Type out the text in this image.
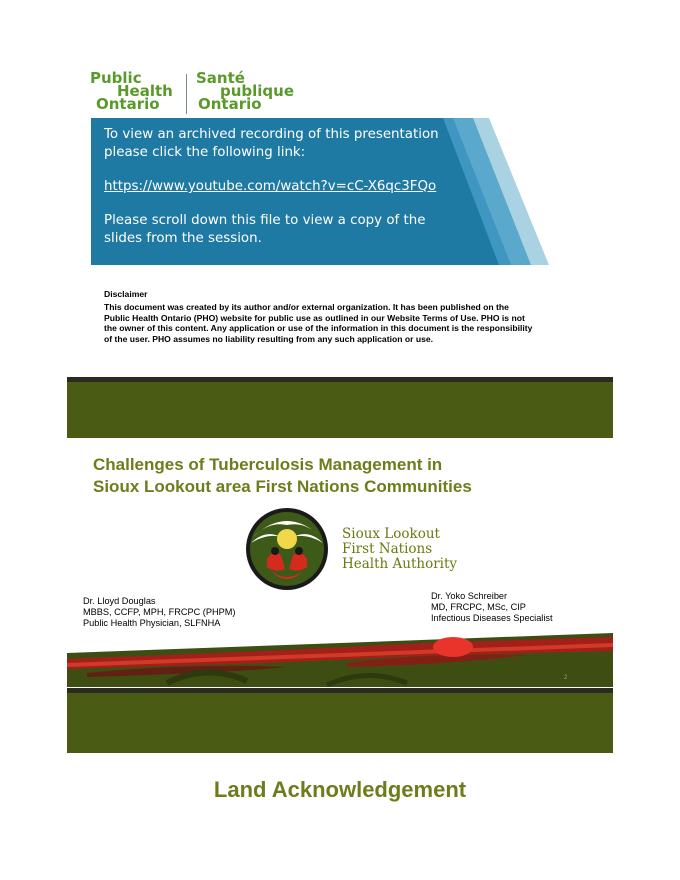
Public
Health
Ontario
Santé
publique
Ontario

To view an archived recording of this presentation

please click the following link:

https://www.youtube.com/watch?v=cC-X6qc3FQo

Please scroll down this file to view a copy of the

slides from the session.

Disclaimer
This document was created by its author and/or external organization. It has been published on the Public Health Ontario (PHO) website for public use as outlined in our Website Terms of Use. PHO is not the owner of this content. Any application or use of the information in this document is the responsibility of the user. PHO assumes no liability resulting from any such application or use.
Challenges of Tuberculosis Management in
Sioux Lookout area First Nations Communities
Sioux Lookout
First Nations
Health Authority
Dr. Lloyd Douglas
MBBS, CCFP, MPH, FRCPC (PHPM)
Public Health Physician, SLFNHA
Dr. Yoko Schreiber
MD, FRCPC, MSc, CIP
Infectious Diseases Specialist
2
Land Acknowledgement
